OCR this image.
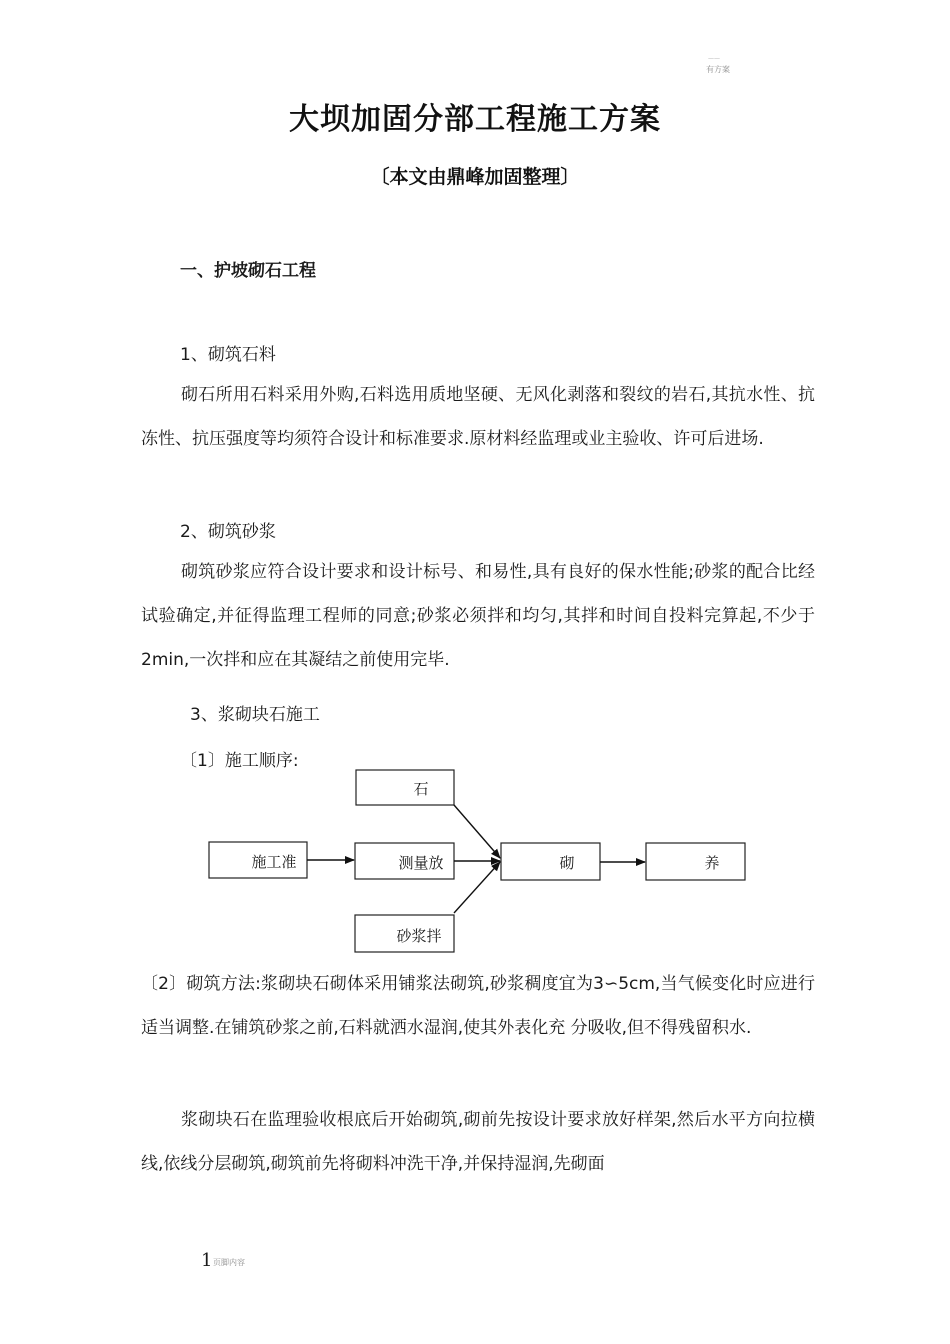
——
有方案
大坝加固分部工程施工方案
〔本文由鼎峰加固整理〕
一、护坡砌石工程
1、砌筑石料
砌石所用石料采用外购,石料选用质地坚硬、无风化剥落和裂纹的岩石,其抗水性、抗冻性、抗压强度等均须符合设计和标准要求.原材料经监理或业主验收、许可后进场.
2、砌筑砂浆
砌筑砂浆应符合设计要求和设计标号、和易性,具有良好的保水性能;砂浆的配合比经试验确定,并征得监理工程师的同意;砂浆必须拌和均匀,其拌和时间自投料完算起,不少于2min,一次拌和应在其凝结之前使用完毕.
3、浆砌块石施工
〔1〕施工顺序:
石
施工准	测量放
砂浆拌
砌	养
〔2〕砌筑方法:浆砌块石砌体采用铺浆法砌筑,砂浆稠度宜为3∽5cm,当气候变化时应进行适当调整.在铺筑砂浆之前,石料就洒水湿润,使其外表化充 分吸收,但不得残留积水.
浆砌块石在监理验收根底后开始砌筑,砌前先按设计要求放好样架,然后水平方向拉横线,依线分层砌筑,砌筑前先将砌料冲洗干净,并保持湿润,先砌面
1 页脚内容
